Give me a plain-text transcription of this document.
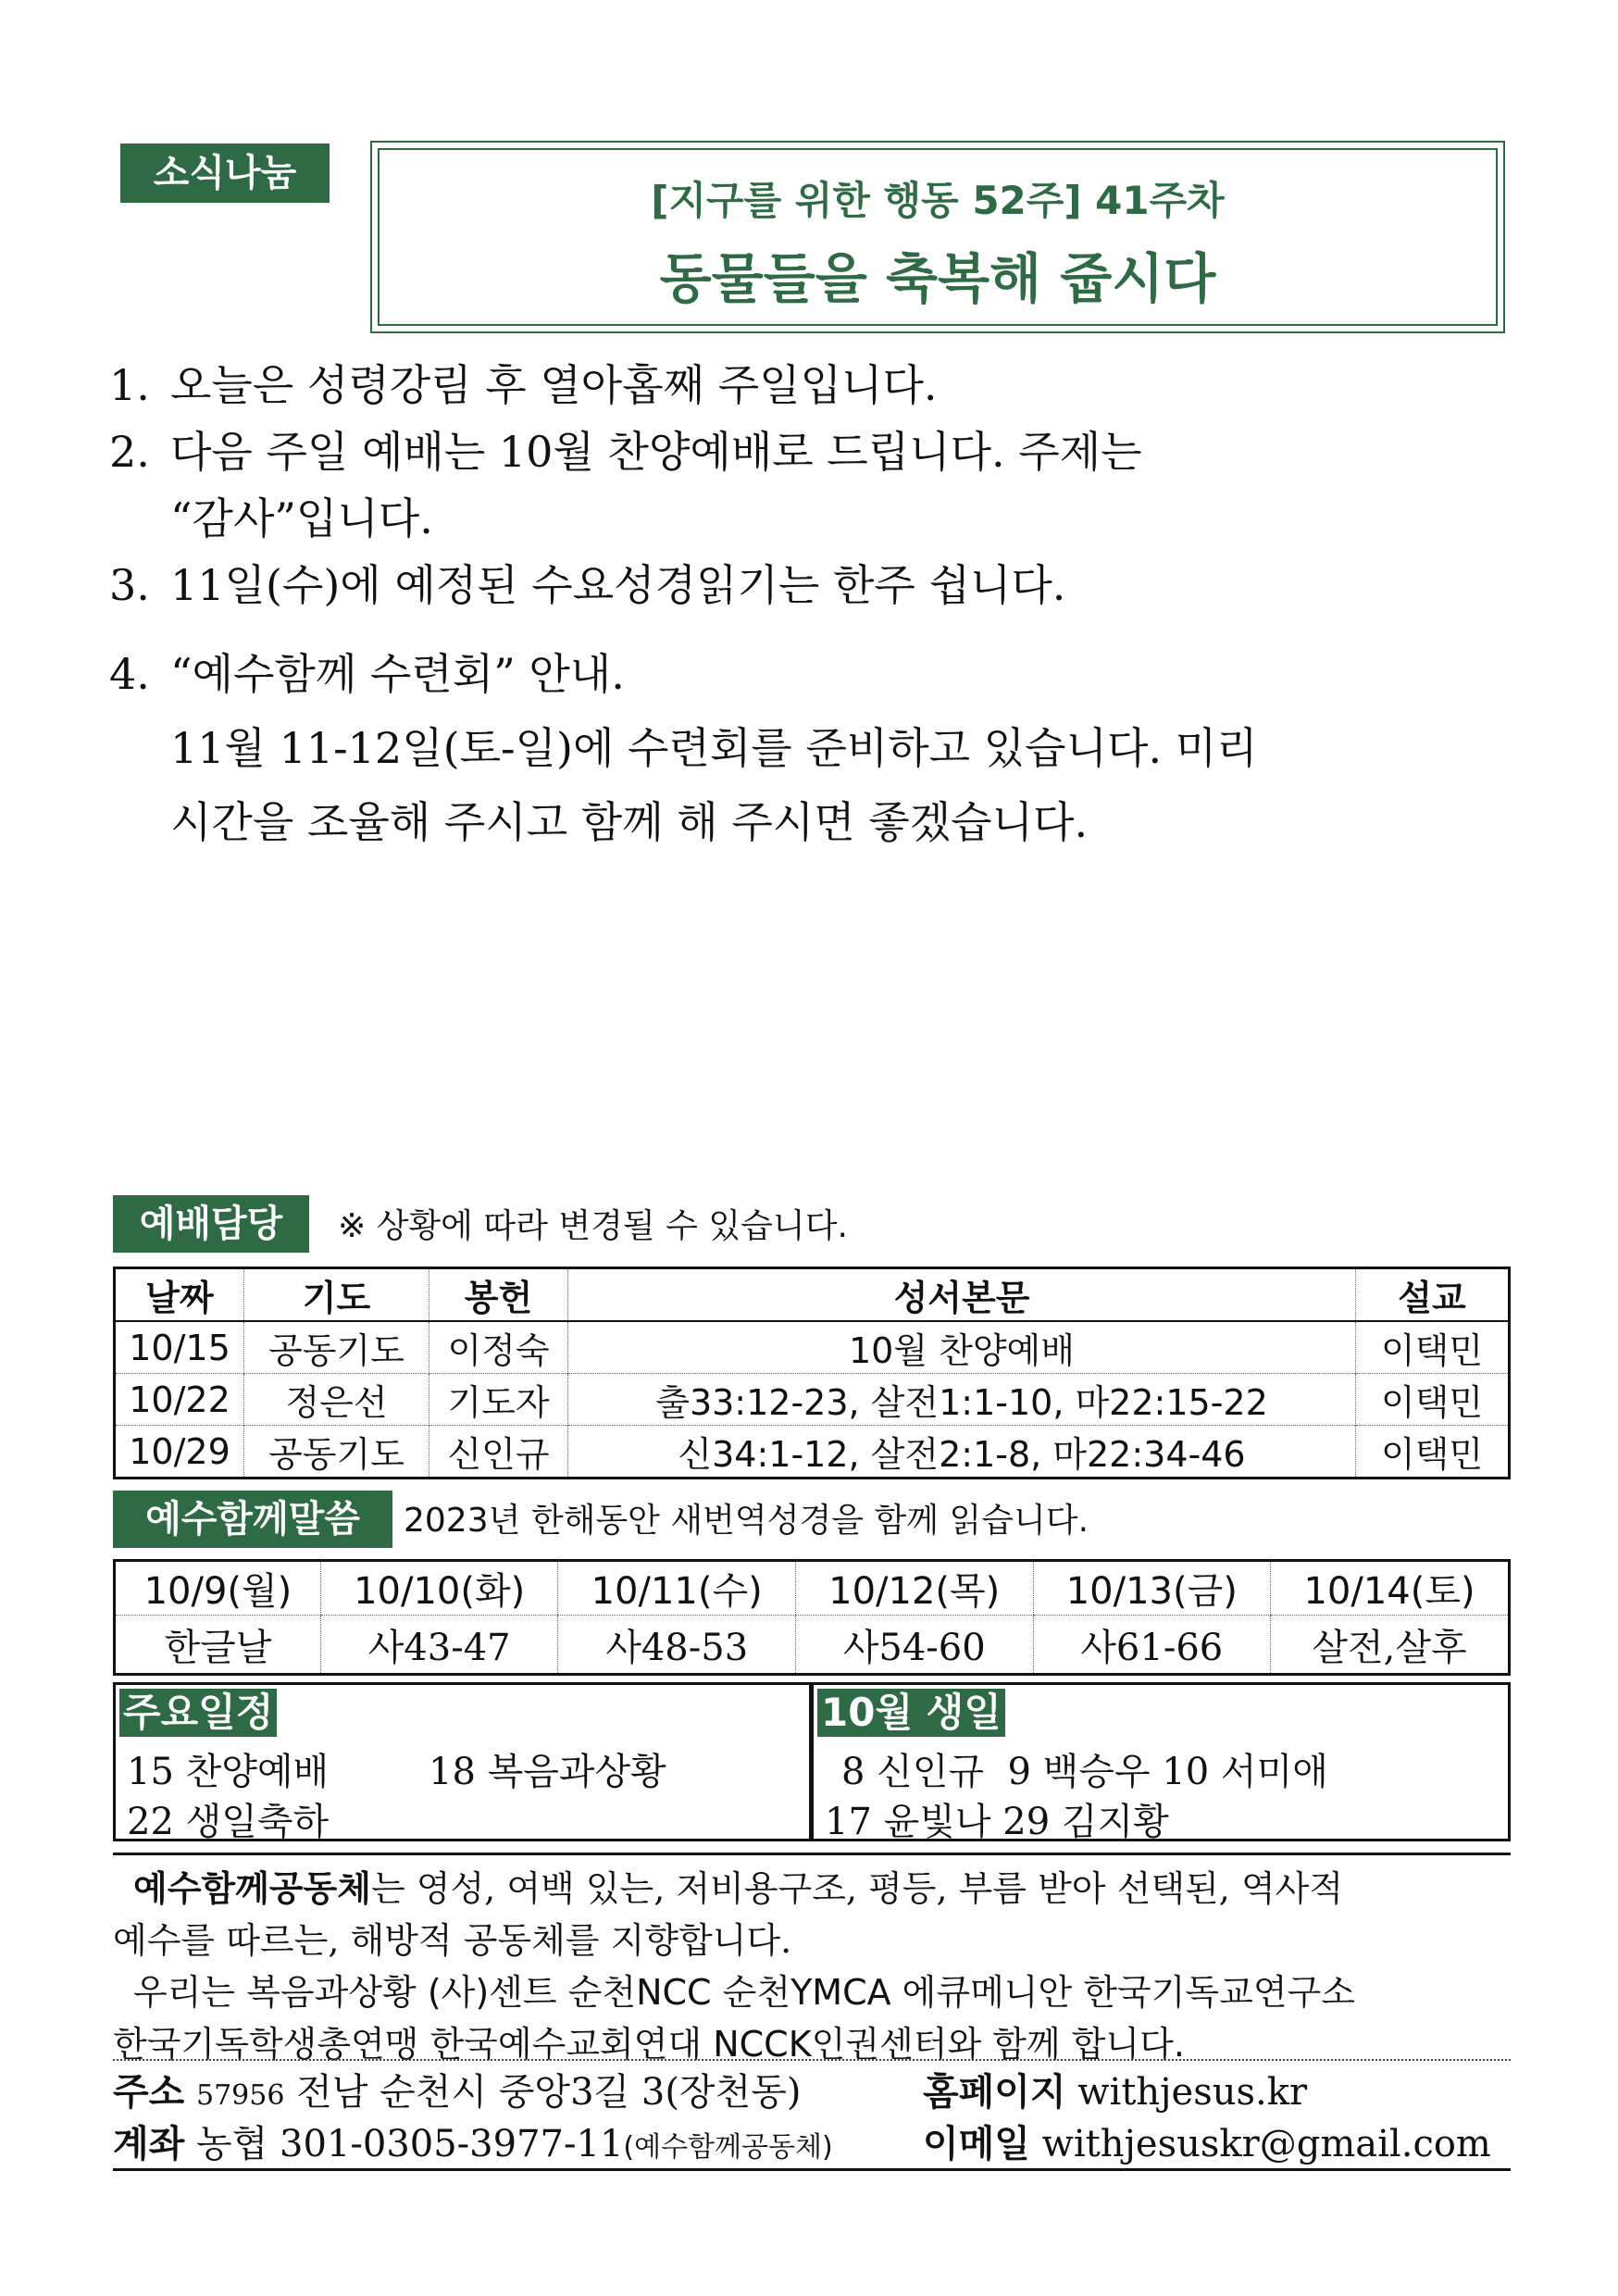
소식나눔
[지구를 위한 행동 52주] 41주차
동물들을 축복해 줍시다
1. 오늘은 성령강림 후 열아홉째 주일입니다.
2. 다음 주일 예배는 10월 찬양예배로 드립니다. 주제는
“감사”입니다.
3. 11일(수)에 예정된 수요성경읽기는 한주 쉽니다.
4. “예수함께 수련회” 안내.
11월 11-12일(토-일)에 수련회를 준비하고 있습니다. 미리
시간을 조율해 주시고 함께 해 주시면 좋겠습니다.
예배담당	※ 상황에 따라 변경될 수 있습니다.
날짜	기도	봉헌	성서본문	설교
10/15	공동기도	이정숙	10월 찬양예배	이택민
10/22	정은선	기도자	출33:12-23, 살전1:1-10, 마22:15-22	이택민
10/29	공동기도	신인규	신34:1-12, 살전2:1-8, 마22:34-46	이택민
예수함께말씀	2023년 한해동안 새번역성경을 함께 읽습니다.
10/9(월)	10/10(화)	10/11(수)	10/12(목)	10/13(금)	10/14(토)
한글날	사43-47	사48-53	사54-60	사61-66	살전,살후
주요일정
15 찬양예배	18 복음과상황
22 생일축하
10월 생일
8 신인규  9 백승우 10 서미애
17 윤빛나 29 김지황
예수함께공동체는 영성, 여백 있는, 저비용구조, 평등, 부름 받아 선택된, 역사적
예수를 따르는, 해방적 공동체를 지향합니다.
우리는 복음과상황 (사)센트 순천NCC 순천YMCA 에큐메니안 한국기독교연구소
한국기독학생총연맹 한국예수교회연대 NCCK인권센터와 함께 합니다.
주소 57956 전남 순천시 중앙3길 3(장천동)	홈페이지 withjesus.kr
계좌 농협 301-0305-3977-11(예수함께공동체) 이메일 withjesuskr@gmail.com
